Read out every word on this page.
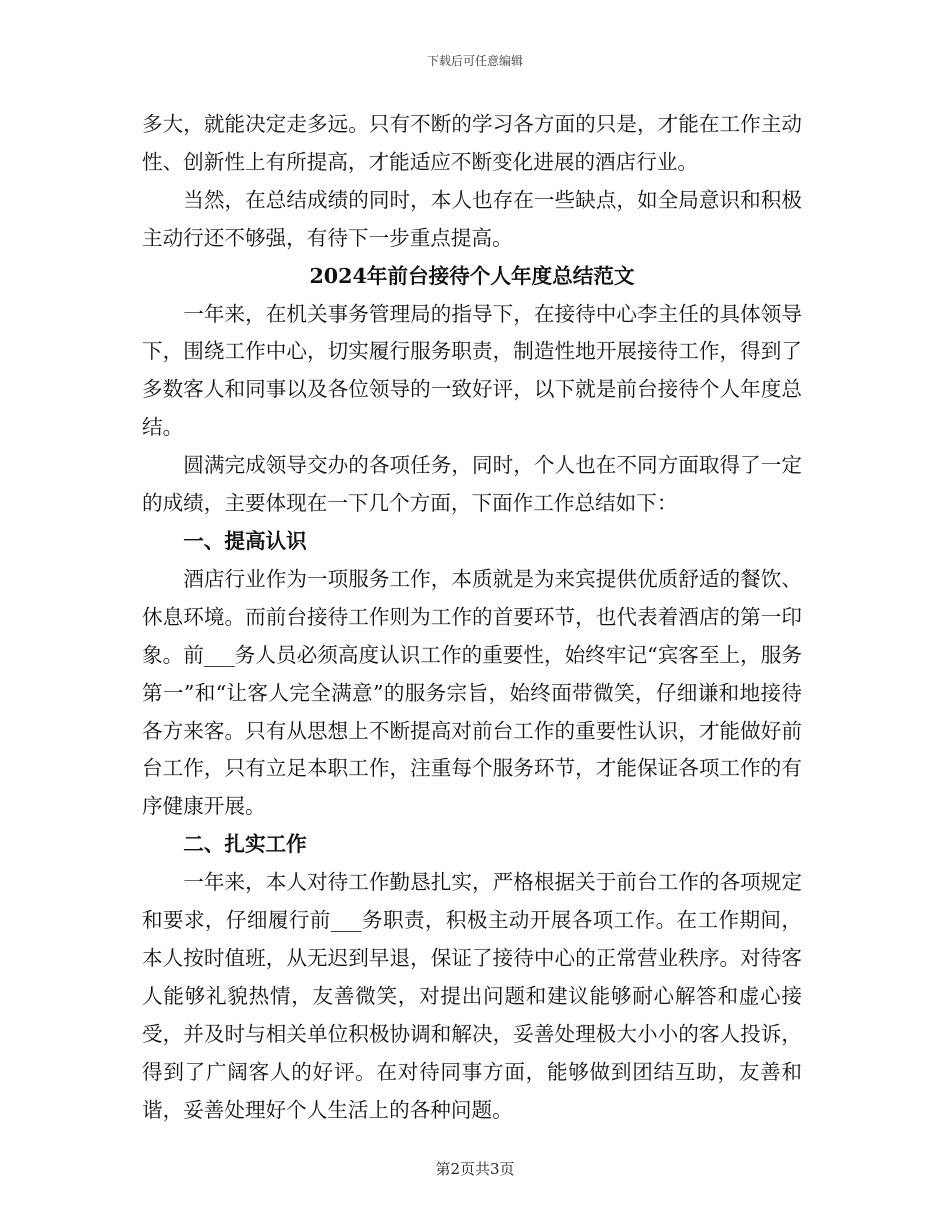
下载后可任意编辑

多大，就能决定走多远。只有不断的学习各方面的只是，才能在工作主动性、创新性上有所提高，才能适应不断变化进展的酒店行业。

当然，在总结成绩的同时，本人也存在一些缺点，如全局意识和积极主动行还不够强，有待下一步重点提高。

2024年前台接待个人年度总结范文

一年来，在机关事务管理局的指导下，在接待中心李主任的具体领导下，围绕工作中心，切实履行服务职责，制造性地开展接待工作，得到了多数客人和同事以及各位领导的一致好评，以下就是前台接待个人年度总结。

圆满完成领导交办的各项任务，同时，个人也在不同方面取得了一定的成绩，主要体现在一下几个方面，下面作工作总结如下：

一、提高认识

酒店行业作为一项服务工作，本质就是为来宾提供优质舒适的餐饮、休息环境。而前台接待工作则为工作的首要环节，也代表着酒店的第一印象。前___务人员必须高度认识工作的重要性，始终牢记“宾客至上，服务第一”和“让客人完全满意”的服务宗旨，始终面带微笑，仔细谦和地接待各方来客。只有从思想上不断提高对前台工作的重要性认识，才能做好前台工作，只有立足本职工作，注重每个服务环节，才能保证各项工作的有序健康开展。

二、扎实工作

一年来，本人对待工作勤恳扎实，严格根据关于前台工作的各项规定和要求，仔细履行前___务职责，积极主动开展各项工作。在工作期间，本人按时值班，从无迟到早退，保证了接待中心的正常营业秩序。对待客人能够礼貌热情，友善微笑，对提出问题和建议能够耐心解答和虚心接受，并及时与相关单位积极协调和解决，妥善处理极大小小的客人投诉，得到了广阔客人的好评。在对待同事方面，能够做到团结互助，友善和谐，妥善处理好个人生活上的各种问题。

第2页共3页
